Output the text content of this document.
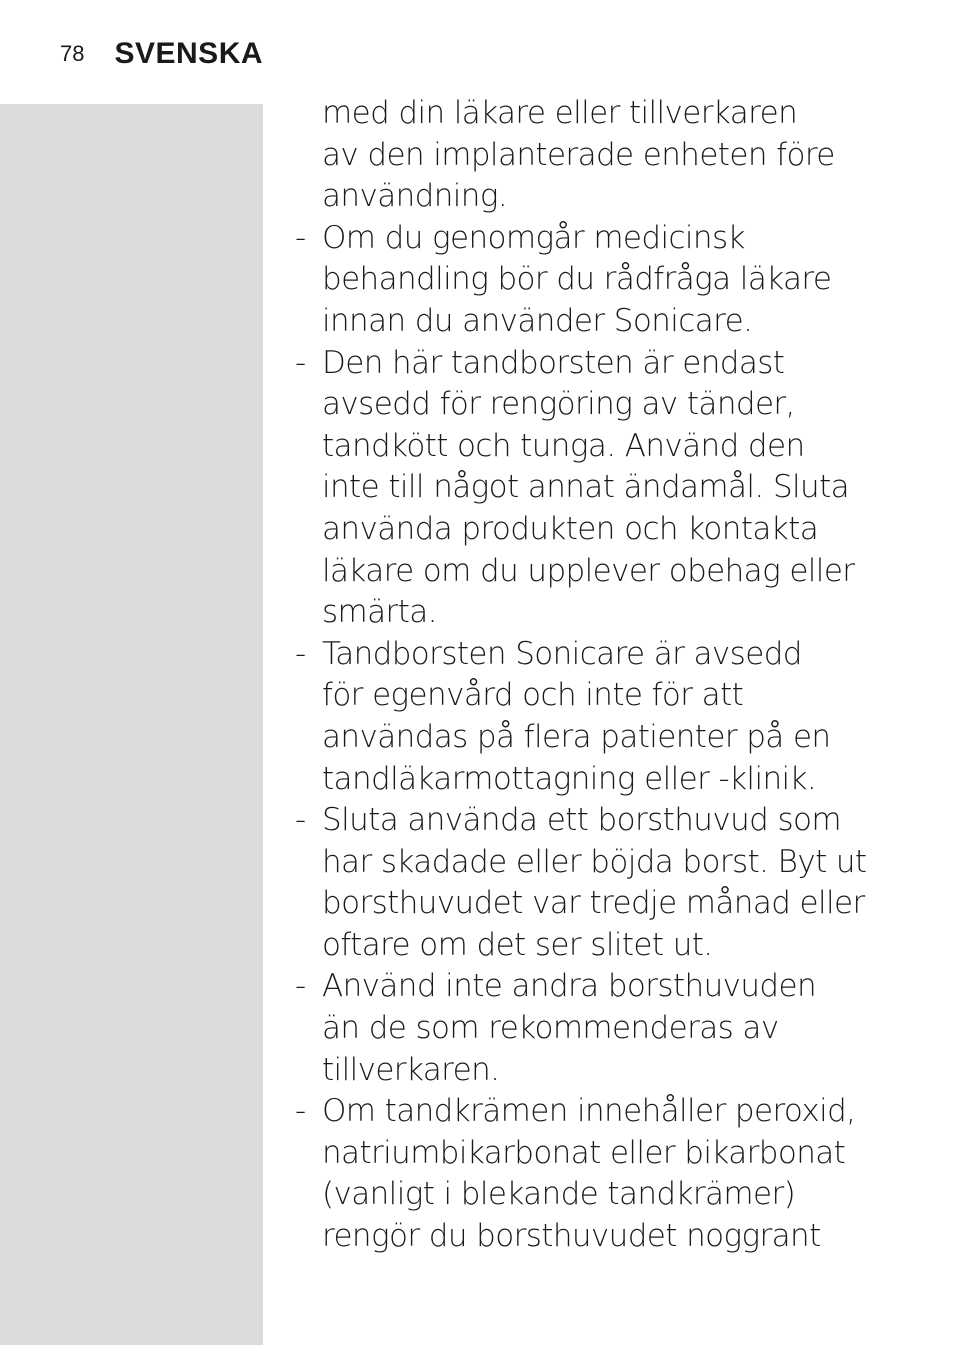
78 SVENSKA
med din läkare eller tillverkaren
av den implanterade enheten före
användning.
- Om du genomgår medicinsk
behandling bör du rådfråga läkare
innan du använder Sonicare.
- Den här tandborsten är endast
avsedd för rengöring av tänder,
tandkött och tunga. Använd den
inte till något annat ändamål. Sluta
använda produkten och kontakta
läkare om du upplever obehag eller
smärta.
- Tandborsten Sonicare är avsedd
för egenvård och inte för att
användas på flera patienter på en
tandläkarmottagning eller -klinik.
- Sluta använda ett borsthuvud som
har skadade eller böjda borst. Byt ut
borsthuvudet var tredje månad eller
oftare om det ser slitet ut.
- Använd inte andra borsthuvuden
än de som rekommenderas av
tillverkaren.
- Om tandkrämen innehåller peroxid,
natriumbikarbonat eller bikarbonat
(vanligt i blekande tandkrämer)
rengör du borsthuvudet noggrant
